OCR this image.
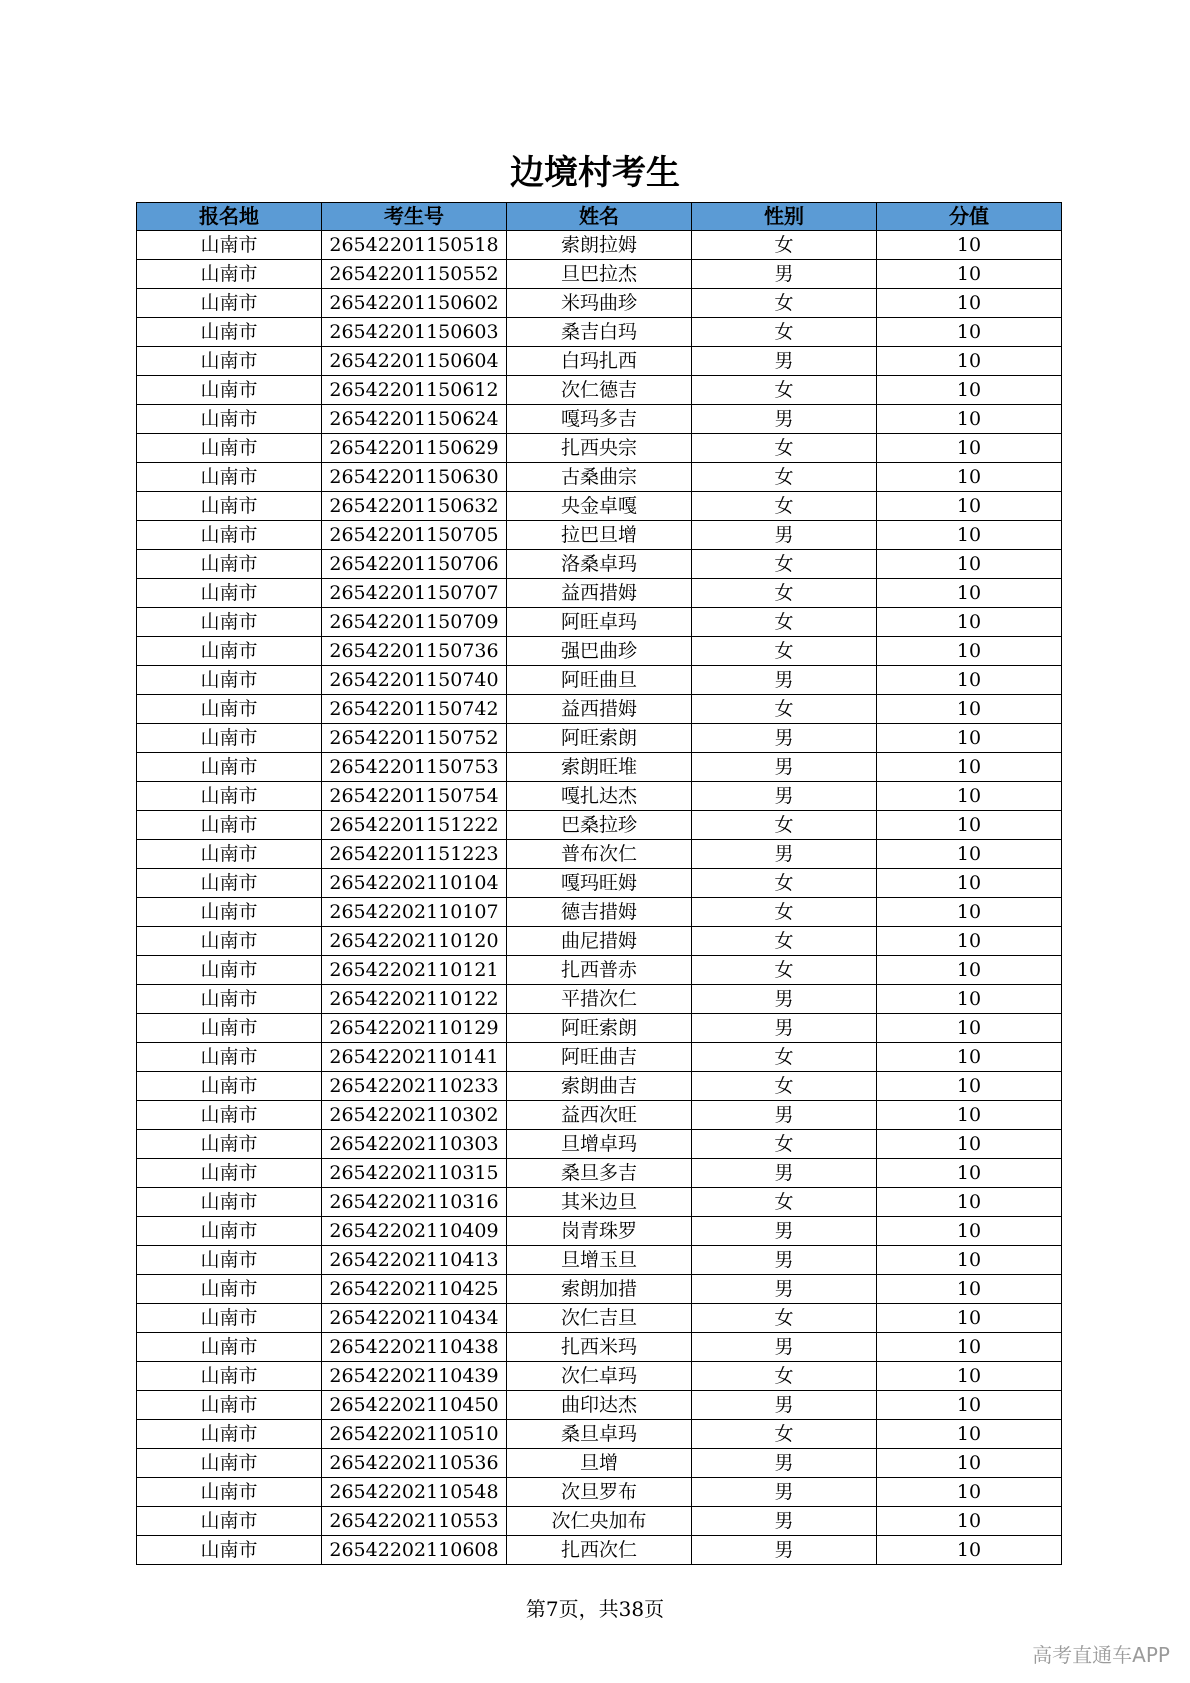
边境村考生
报名地	考生号	姓名	性别	分值
山南市	26542201150518	索朗拉姆	女	10
山南市	26542201150552	旦巴拉杰	男	10
山南市	26542201150602	米玛曲珍	女	10
山南市	26542201150603	桑吉白玛	女	10
山南市	26542201150604	白玛扎西	男	10
山南市	26542201150612	次仁德吉	女	10
山南市	26542201150624	嘎玛多吉	男	10
山南市	26542201150629	扎西央宗	女	10
山南市	26542201150630	古桑曲宗	女	10
山南市	26542201150632	央金卓嘎	女	10
山南市	26542201150705	拉巴旦增	男	10
山南市	26542201150706	洛桑卓玛	女	10
山南市	26542201150707	益西措姆	女	10
山南市	26542201150709	阿旺卓玛	女	10
山南市	26542201150736	强巴曲珍	女	10
山南市	26542201150740	阿旺曲旦	男	10
山南市	26542201150742	益西措姆	女	10
山南市	26542201150752	阿旺索朗	男	10
山南市	26542201150753	索朗旺堆	男	10
山南市	26542201150754	嘎扎达杰	男	10
山南市	26542201151222	巴桑拉珍	女	10
山南市	26542201151223	普布次仁	男	10
山南市	26542202110104	嘎玛旺姆	女	10
山南市	26542202110107	德吉措姆	女	10
山南市	26542202110120	曲尼措姆	女	10
山南市	26542202110121	扎西普赤	女	10
山南市	26542202110122	平措次仁	男	10
山南市	26542202110129	阿旺索朗	男	10
山南市	26542202110141	阿旺曲吉	女	10
山南市	26542202110233	索朗曲吉	女	10
山南市	26542202110302	益西次旺	男	10
山南市	26542202110303	旦增卓玛	女	10
山南市	26542202110315	桑旦多吉	男	10
山南市	26542202110316	其米边旦	女	10
山南市	26542202110409	岗青珠罗	男	10
山南市	26542202110413	旦增玉旦	男	10
山南市	26542202110425	索朗加措	男	10
山南市	26542202110434	次仁吉旦	女	10
山南市	26542202110438	扎西米玛	男	10
山南市	26542202110439	次仁卓玛	女	10
山南市	26542202110450	曲印达杰	男	10
山南市	26542202110510	桑旦卓玛	女	10
山南市	26542202110536	旦增	男	10
山南市	26542202110548	次旦罗布	男	10
山南市	26542202110553	次仁央加布	男	10
山南市	26542202110608	扎西次仁	男	10
第7页，共38页
高考直通车APP
